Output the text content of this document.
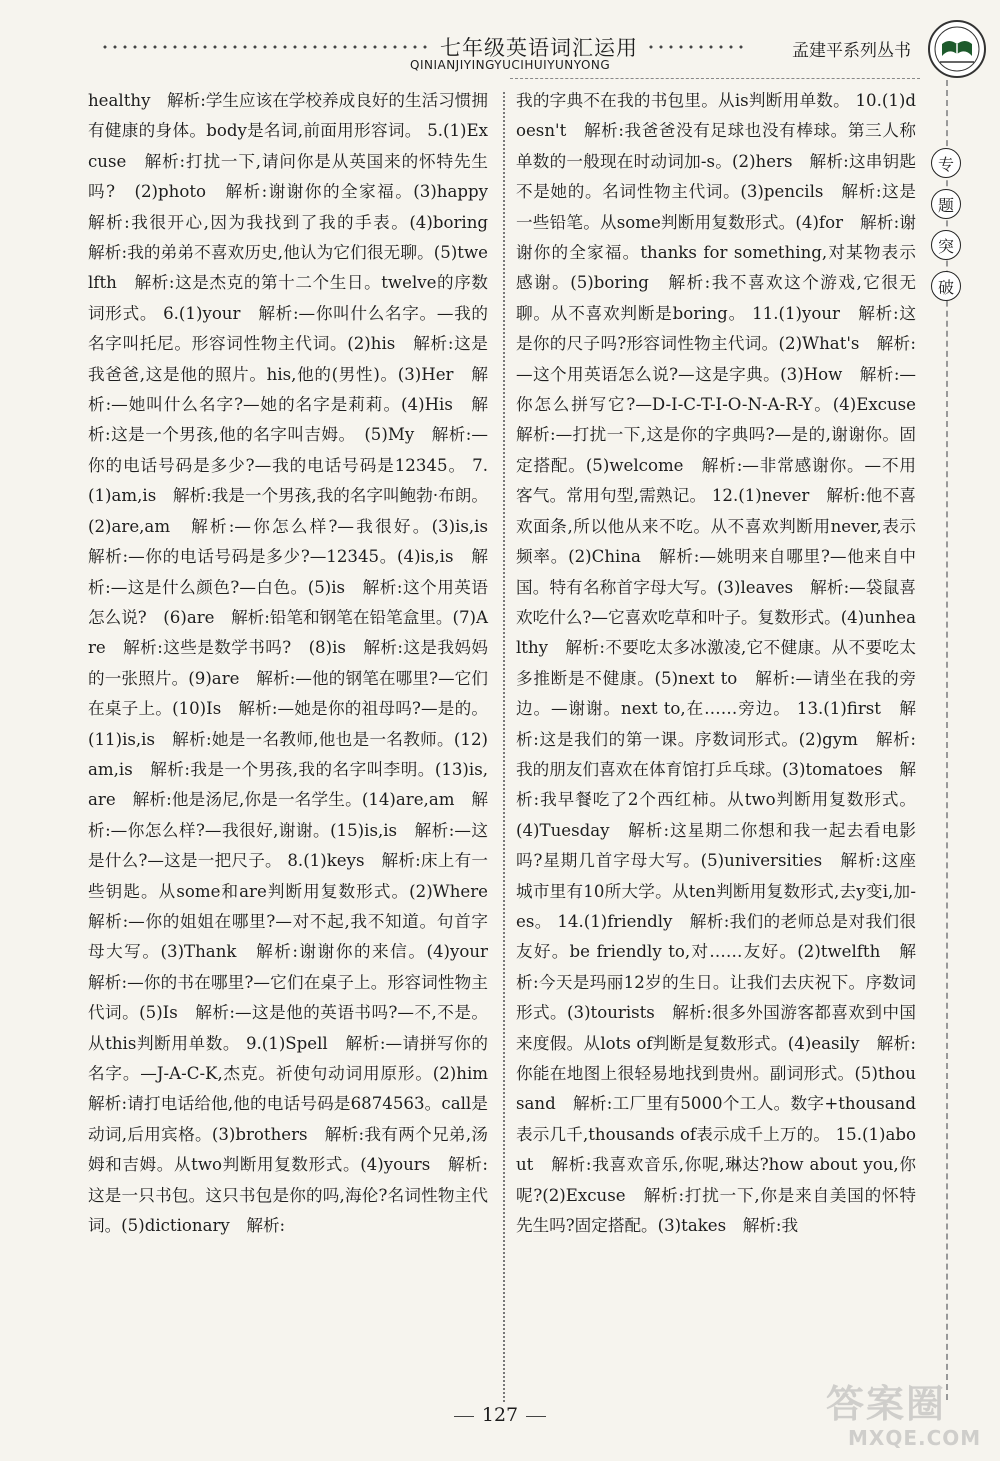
七年级英语词汇运用
QINIANJIYINGYUCIHUIYUNYONG
孟建平系列丛书
专
题
突
破

healthy　解析:学生应该在学校养成良好的生活习惯拥有健康的身体。body是名词,前面用形容词。 5.(1)Excuse　解析:打扰一下,请问你是从英国来的怀特先生吗?　(2)photo　解析:谢谢你的全家福。(3)happy　解析:我很开心,因为我找到了我的手表。(4)boring　解析:我的弟弟不喜欢历史,他认为它们很无聊。(5)twelfth　解析:这是杰克的第十二个生日。twelve的序数词形式。 6.(1)your　解析:—你叫什么名字。—我的名字叫托尼。形容词性物主代词。(2)his　解析:这是我爸爸,这是他的照片。his,他的(男性)。(3)Her　解析:—她叫什么名字?—她的名字是莉莉。(4)His　解析:这是一个男孩,他的名字叫吉姆。　(5)My　解析:—你的电话号码是多少?—我的电话号码是12345。 7.(1)am,is　解析:我是一个男孩,我的名字叫鲍勃·布朗。(2)are,am　解析:—你怎么样?—我很好。(3)is,is　解析:—你的电话号码是多少?—12345。(4)is,is　解析:—这是什么颜色?—白色。(5)is　解析:这个用英语怎么说?　(6)are　解析:铅笔和钢笔在铅笔盒里。(7)Are　解析:这些是数学书吗?　(8)is　解析:这是我妈妈的一张照片。(9)are　解析:—他的钢笔在哪里?—它们在桌子上。(10)Is　解析:—她是你的祖母吗?—是的。(11)is,is　解析:她是一名教师,他也是一名教师。(12)am,is　解析:我是一个男孩,我的名字叫李明。(13)is,are　解析:他是汤尼,你是一名学生。(14)are,am　解析:—你怎么样?—我很好,谢谢。(15)is,is　解析:—这是什么?—这是一把尺子。 8.(1)keys　解析:床上有一些钥匙。从some和are判断用复数形式。(2)Where　解析:—你的姐姐在哪里?—对不起,我不知道。句首字母大写。(3)Thank　解析:谢谢你的来信。(4)your　解析:—你的书在哪里?—它们在桌子上。形容词性物主代词。(5)Is　解析:—这是他的英语书吗?—不,不是。从this判断用单数。 9.(1)Spell　解析:—请拼写你的名字。—J-A-C-K,杰克。祈使句动词用原形。(2)him　解析:请打电话给他,他的电话号码是6874563。call是动词,后用宾格。(3)brothers　解析:我有两个兄弟,汤姆和吉姆。从two判断用复数形式。(4)yours　解析:这是一只书包。这只书包是你的吗,海伦?名词性物主代词。(5)dictionary　解析:

我的字典不在我的书包里。从is判断用单数。 10.(1)doesn't　解析:我爸爸没有足球也没有棒球。第三人称单数的一般现在时动词加-s。(2)hers　解析:这串钥匙不是她的。名词性物主代词。(3)pencils　解析:这是一些铅笔。从some判断用复数形式。(4)for　解析:谢谢你的全家福。thanks for something,对某物表示感谢。(5)boring　解析:我不喜欢这个游戏,它很无聊。从不喜欢判断是boring。 11.(1)your　解析:这是你的尺子吗?形容词性物主代词。(2)What's　解析:—这个用英语怎么说?—这是字典。(3)How　解析:—你怎么拼写它?—D-I-C-T-I-O-N-A-R-Y。(4)Excuse　解析:—打扰一下,这是你的字典吗?—是的,谢谢你。固定搭配。(5)welcome　解析:—非常感谢你。—不用客气。常用句型,需熟记。 12.(1)never　解析:他不喜欢面条,所以他从来不吃。从不喜欢判断用never,表示频率。(2)China　解析:—姚明来自哪里?—他来自中国。特有名称首字母大写。(3)leaves　解析:—袋鼠喜欢吃什么?—它喜欢吃草和叶子。复数形式。(4)unhealthy　解析:不要吃太多冰激凌,它不健康。从不要吃太多推断是不健康。(5)next to　解析:—请坐在我的旁边。—谢谢。next to,在……旁边。 13.(1)first　解析:这是我们的第一课。序数词形式。(2)gym　解析:我的朋友们喜欢在体育馆打乒乓球。(3)tomatoes　解析:我早餐吃了2个西红柿。从two判断用复数形式。(4)Tuesday　解析:这星期二你想和我一起去看电影吗?星期几首字母大写。(5)universities　解析:这座城市里有10所大学。从ten判断用复数形式,去y变i,加-es。 14.(1)friendly　解析:我们的老师总是对我们很友好。be friendly to,对……友好。(2)twelfth　解析:今天是玛丽12岁的生日。让我们去庆祝下。序数词形式。(3)tourists　解析:很多外国游客都喜欢到中国来度假。从lots of判断是复数形式。(4)easily　解析:你能在地图上很轻易地找到贵州。副词形式。(5)thousand　解析:工厂里有5000个工人。数字+thousand表示几千,thousands of表示成千上万的。 15.(1)about　解析:我喜欢音乐,你呢,琳达?how about you,你呢?(2)Excuse　解析:打扰一下,你是来自美国的怀特先生吗?固定搭配。(3)takes　解析:我

127	答案圈
MXQE.COM
